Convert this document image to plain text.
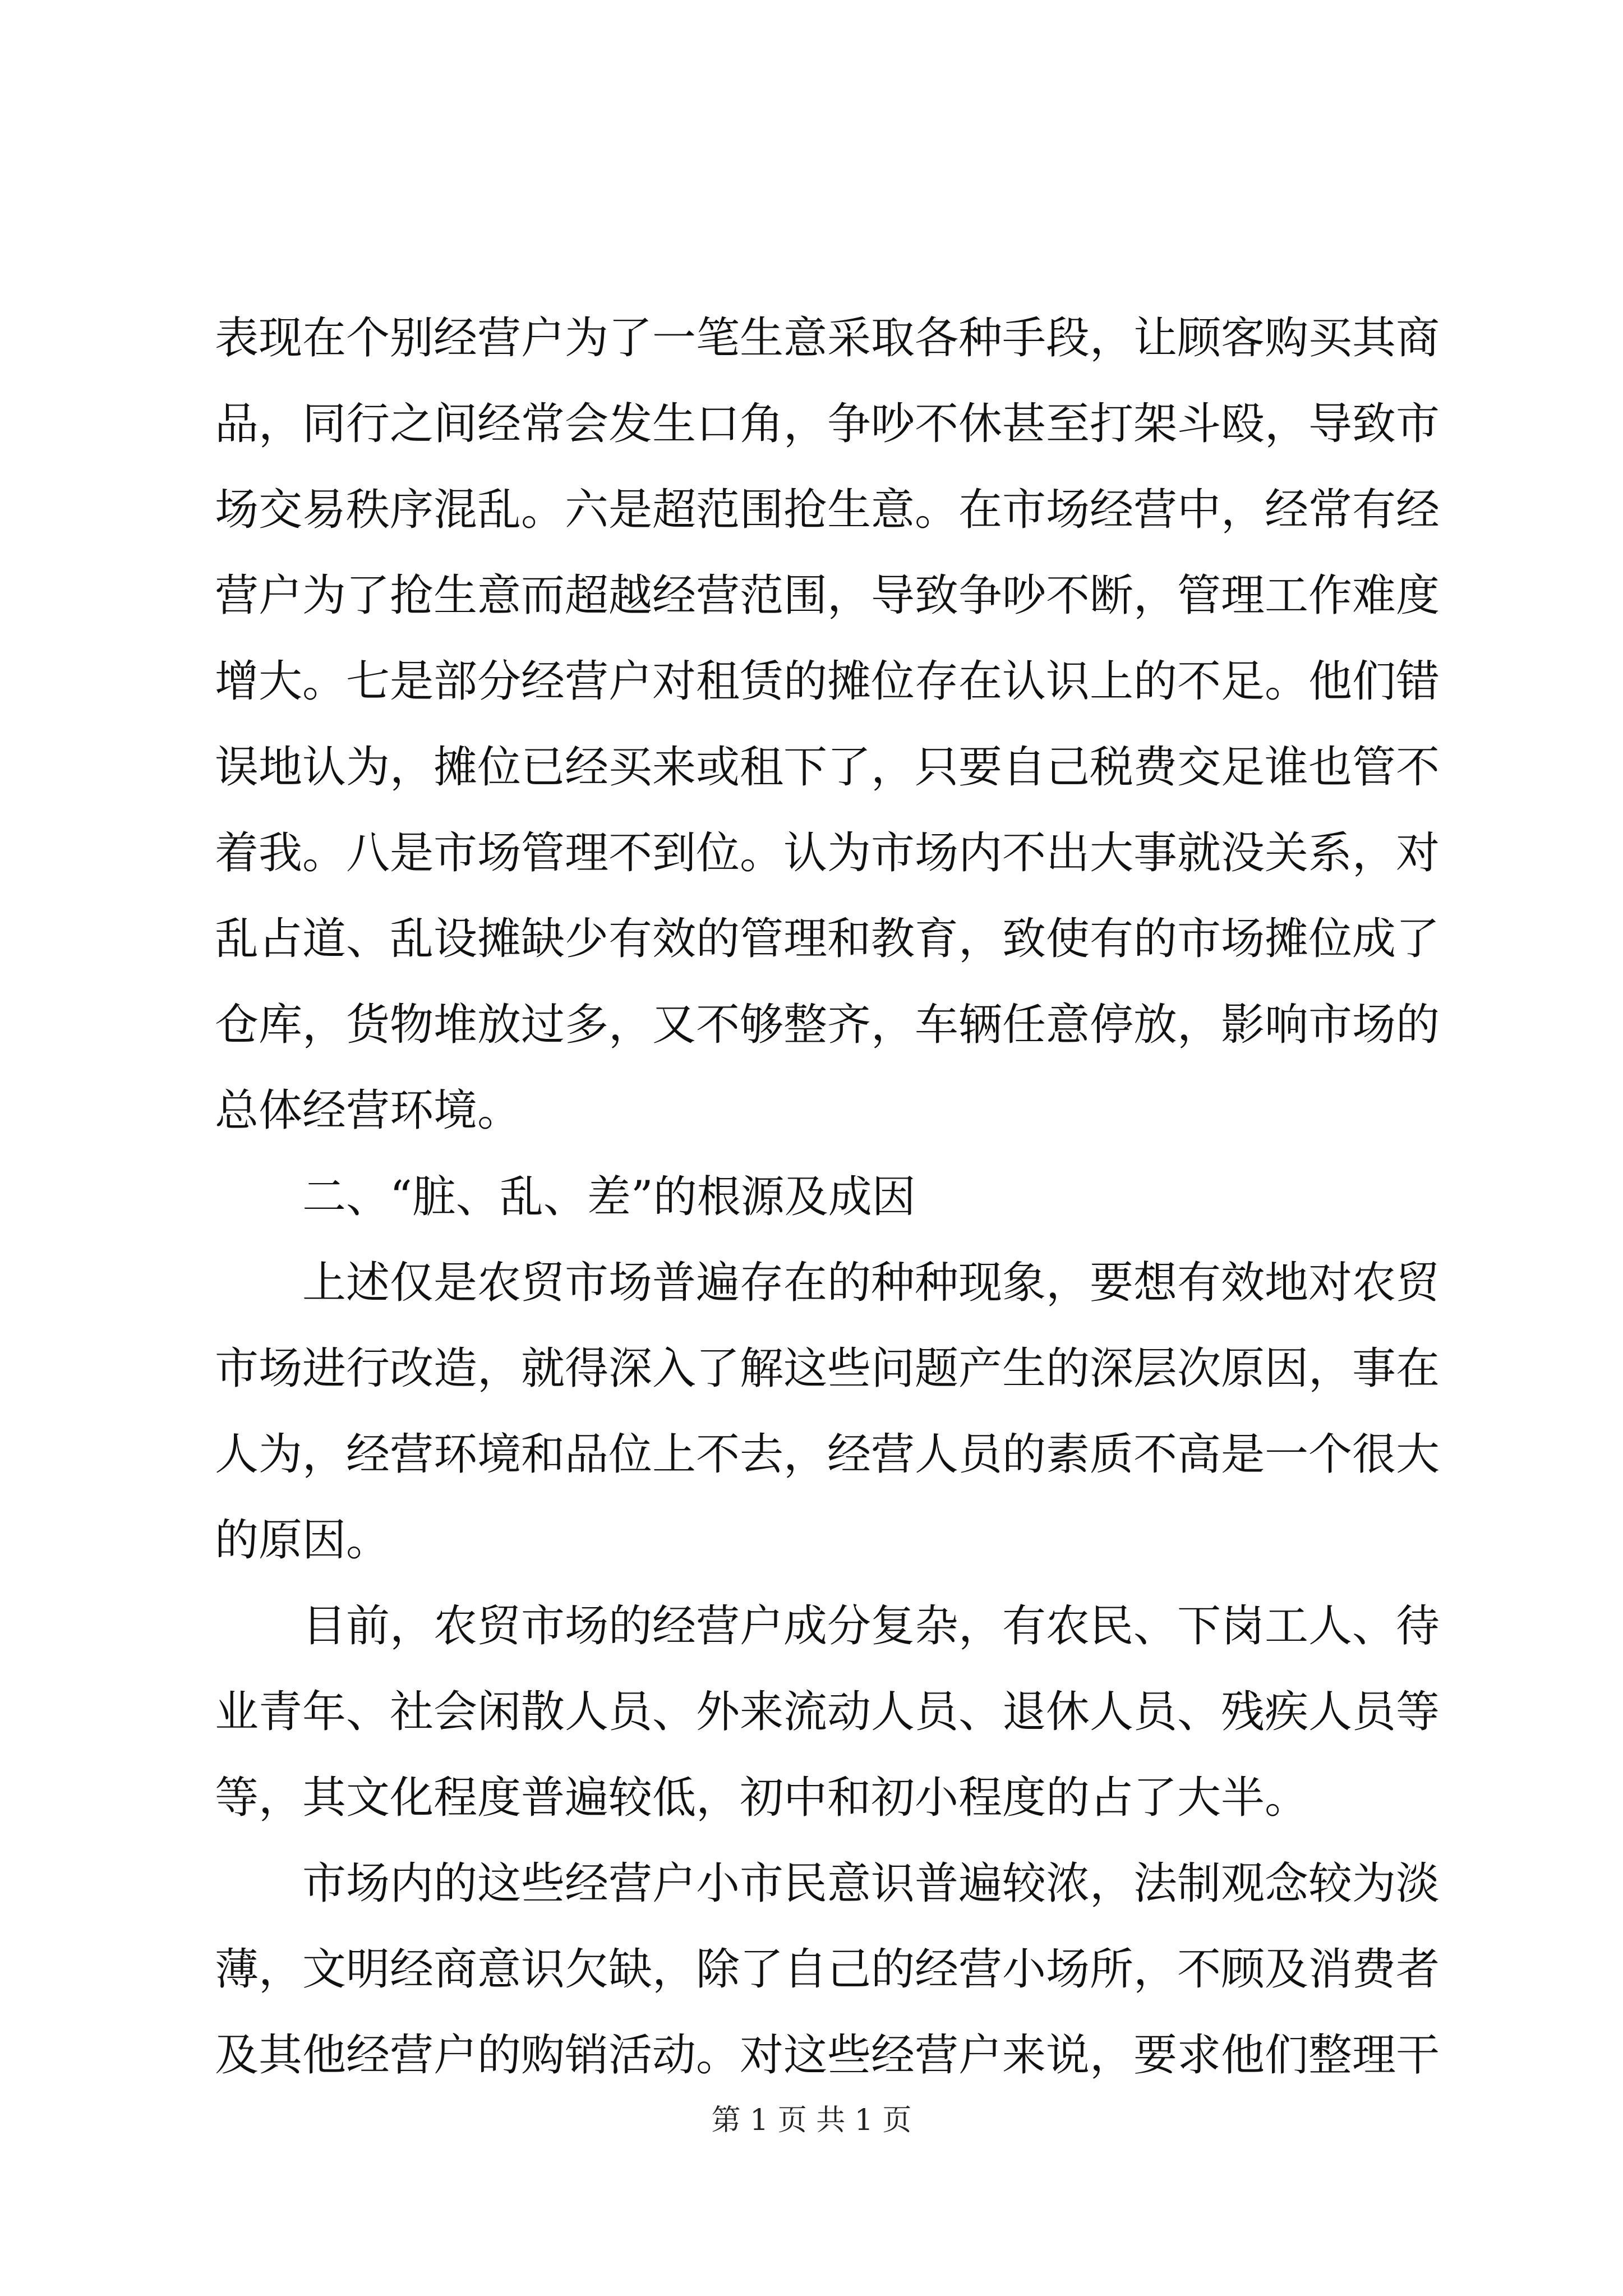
表现在个别经营户为了一笔生意采取各种手段，让顾客购买其商
品，同行之间经常会发生口角，争吵不休甚至打架斗殴，导致市
场交易秩序混乱。六是超范围抢生意。在市场经营中，经常有经
营户为了抢生意而超越经营范围，导致争吵不断，管理工作难度
增大。七是部分经营户对租赁的摊位存在认识上的不足。他们错
误地认为，摊位已经买来或租下了，只要自己税费交足谁也管不
着我。八是市场管理不到位。认为市场内不出大事就没关系，对
乱占道、乱设摊缺少有效的管理和教育，致使有的市场摊位成了
仓库，货物堆放过多，又不够整齐，车辆任意停放，影响市场的
总体经营环境。
二、“脏、乱、差”的根源及成因
上述仅是农贸市场普遍存在的种种现象，要想有效地对农贸
市场进行改造，就得深入了解这些问题产生的深层次原因，事在
人为，经营环境和品位上不去，经营人员的素质不高是一个很大
的原因。
目前，农贸市场的经营户成分复杂，有农民、下岗工人、待
业青年、社会闲散人员、外来流动人员、退休人员、残疾人员等
等，其文化程度普遍较低，初中和初小程度的占了大半。
市场内的这些经营户小市民意识普遍较浓，法制观念较为淡
薄，文明经商意识欠缺，除了自己的经营小场所，不顾及消费者
及其他经营户的购销活动。对这些经营户来说，要求他们整理干
第 1 页 共 1 页
